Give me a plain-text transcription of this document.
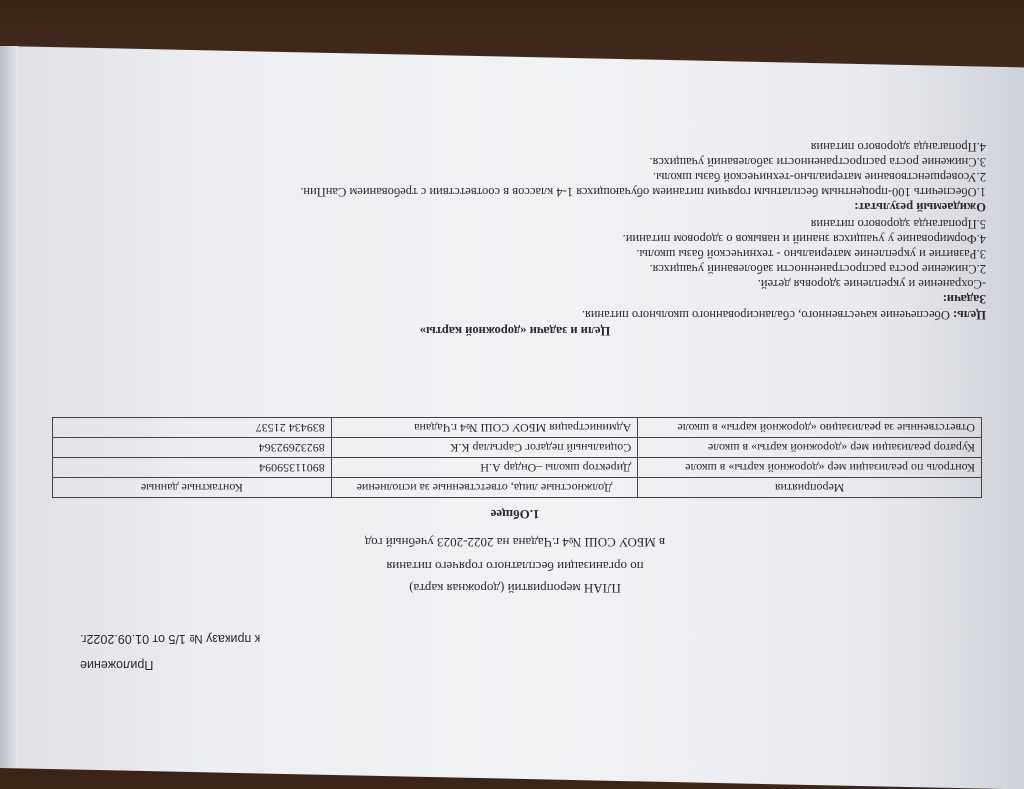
Приложение
к приказу № 1/5 от 01.09.2022г.
ПЛАН мероприятий (дорожная карта)
по организации бесплатного горячего питания
в МБОУ СОШ №4 г.Чадана на 2022-2023 учебный год
1.Общее
Мероприятия	Должностные лица, ответственные за исполнение	Контактные данные
Контроль по реализации мер «дорожной карты» в школе	Директор школы –Ондар А.Н	89011359094
Куратор реализации мер «дорожной карты» в школе	Социальный педагог Саргылар К.К	89232692364
Ответственные за реализацию «дорожной карты» в школе	Администрация МБОУ СОШ №4 г.Чадана	839434 21537
Цели и задачи «дорожной карты»
Цель: Обеспечение качественного, сбалансированного школьного питания.
Задачи:
-Сохранение и укрепление здоровья детей.
2.Снижение роста распространенности заболеваний учащихся.
3.Развитие и укрепление материально - технической базы школы.
4.Формирование у учащихся знаний и навыков о здоровом питании.
5.Пропаганда здорового питания
Ожидаемый результат:
1.Обеспечить 100-процентным бесплатным горячим питанием обучающихся 1-4 классов в соответствии с требованием СанПин.
2.Усовершенствование материально-технической базы школы.
3.Снижение роста распространенности заболеваний учащихся.
4.Пропаганда здорового питания
